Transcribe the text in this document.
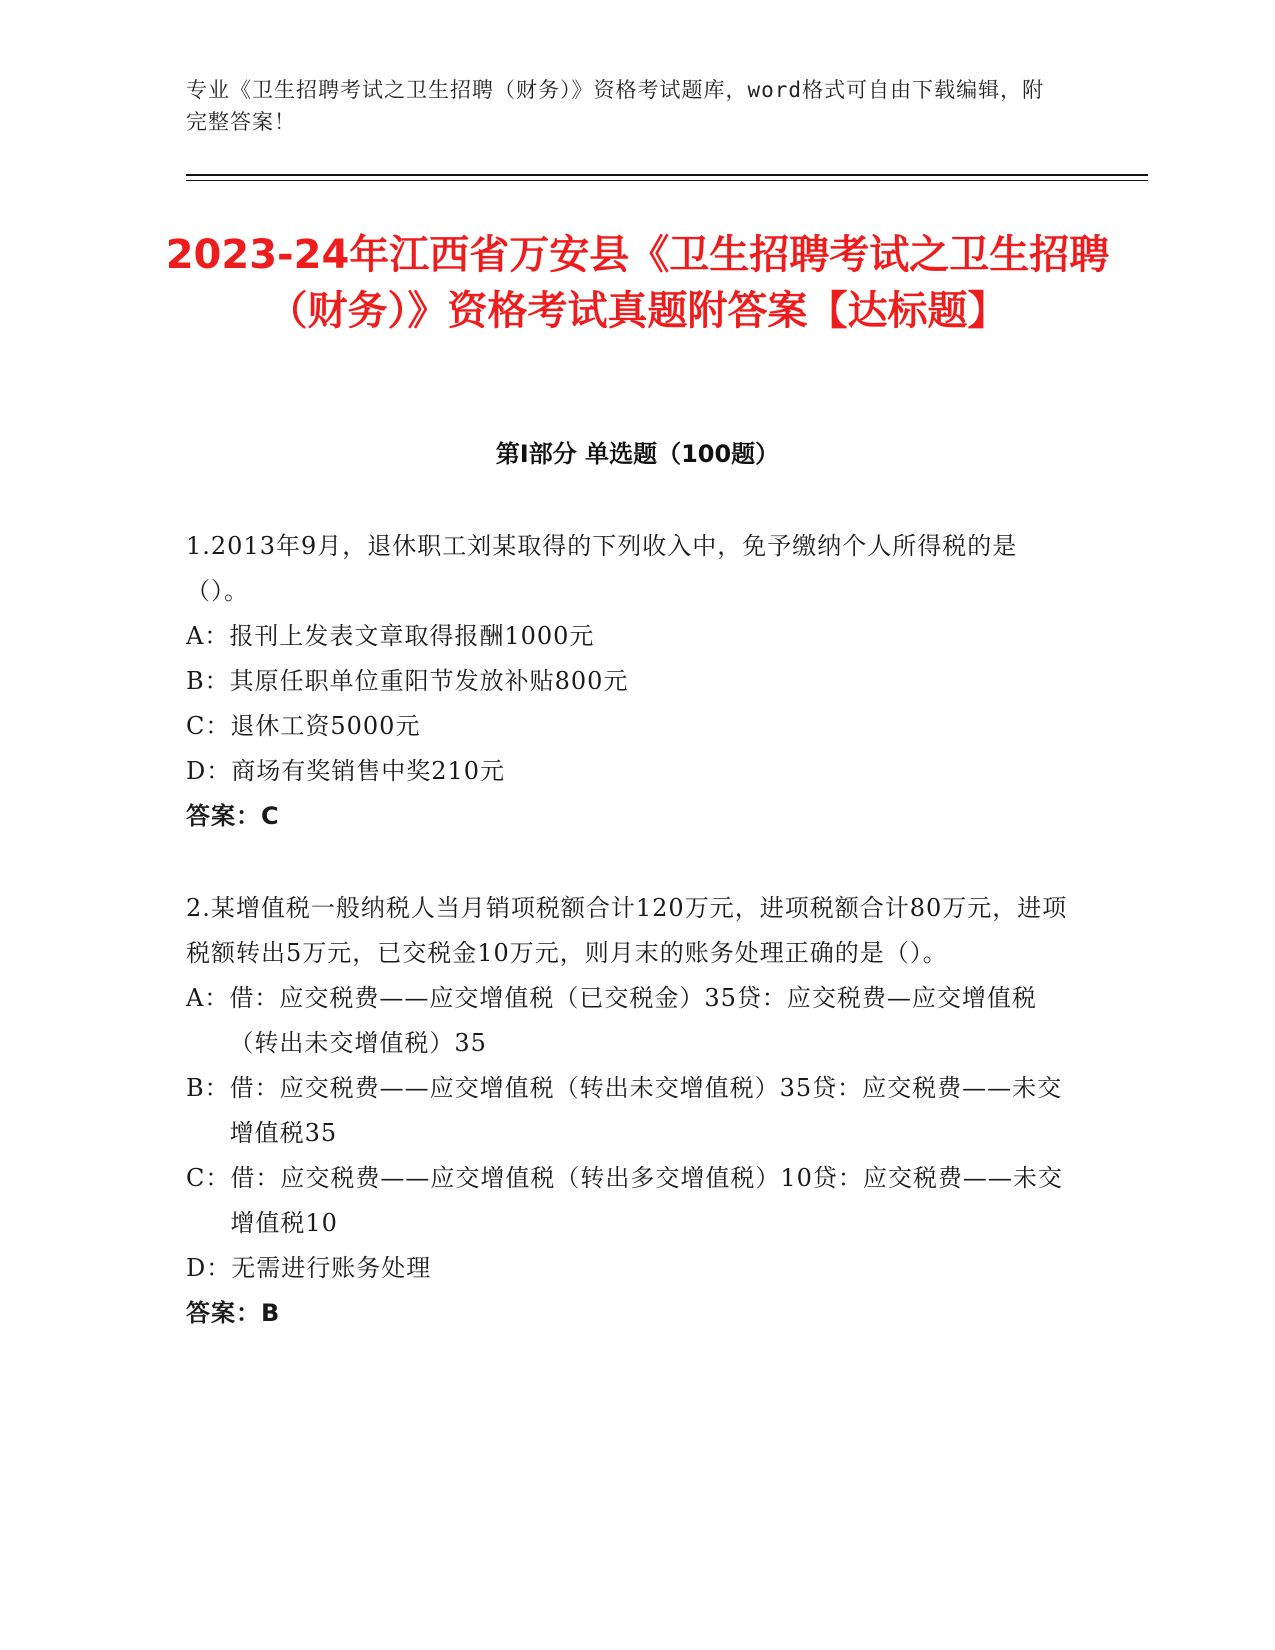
专业《卫生招聘考试之卫生招聘（财务）》资格考试题库，word格式可自由下载编辑，附完整答案！
2023-24年江西省万安县《卫生招聘考试之卫生招聘（财务）》资格考试真题附答案【达标题】
第I部分 单选题（100题）

1.2013年9月，退休职工刘某取得的下列收入中，免予缴纳个人所得税的是（）。

A： 报刊上发表文章取得报酬1000元

B： 其原任职单位重阳节发放补贴800元

C： 退休工资5000元

D： 商场有奖销售中奖210元

答案：C

2.某增值税一般纳税人当月销项税额合计120万元，进项税额合计80万元，进项税额转出5万元，已交税金10万元，则月末的账务处理正确的是（）。

A： 借：应交税费——应交增值税（已交税金）35贷：应交税费—应交增值税（转出未交增值税）35

B： 借：应交税费——应交增值税（转出未交增值税）35贷：应交税费——未交增值税35

C： 借：应交税费——应交增值税（转出多交增值税）10贷：应交税费——未交增值税10

D： 无需进行账务处理

答案：B
